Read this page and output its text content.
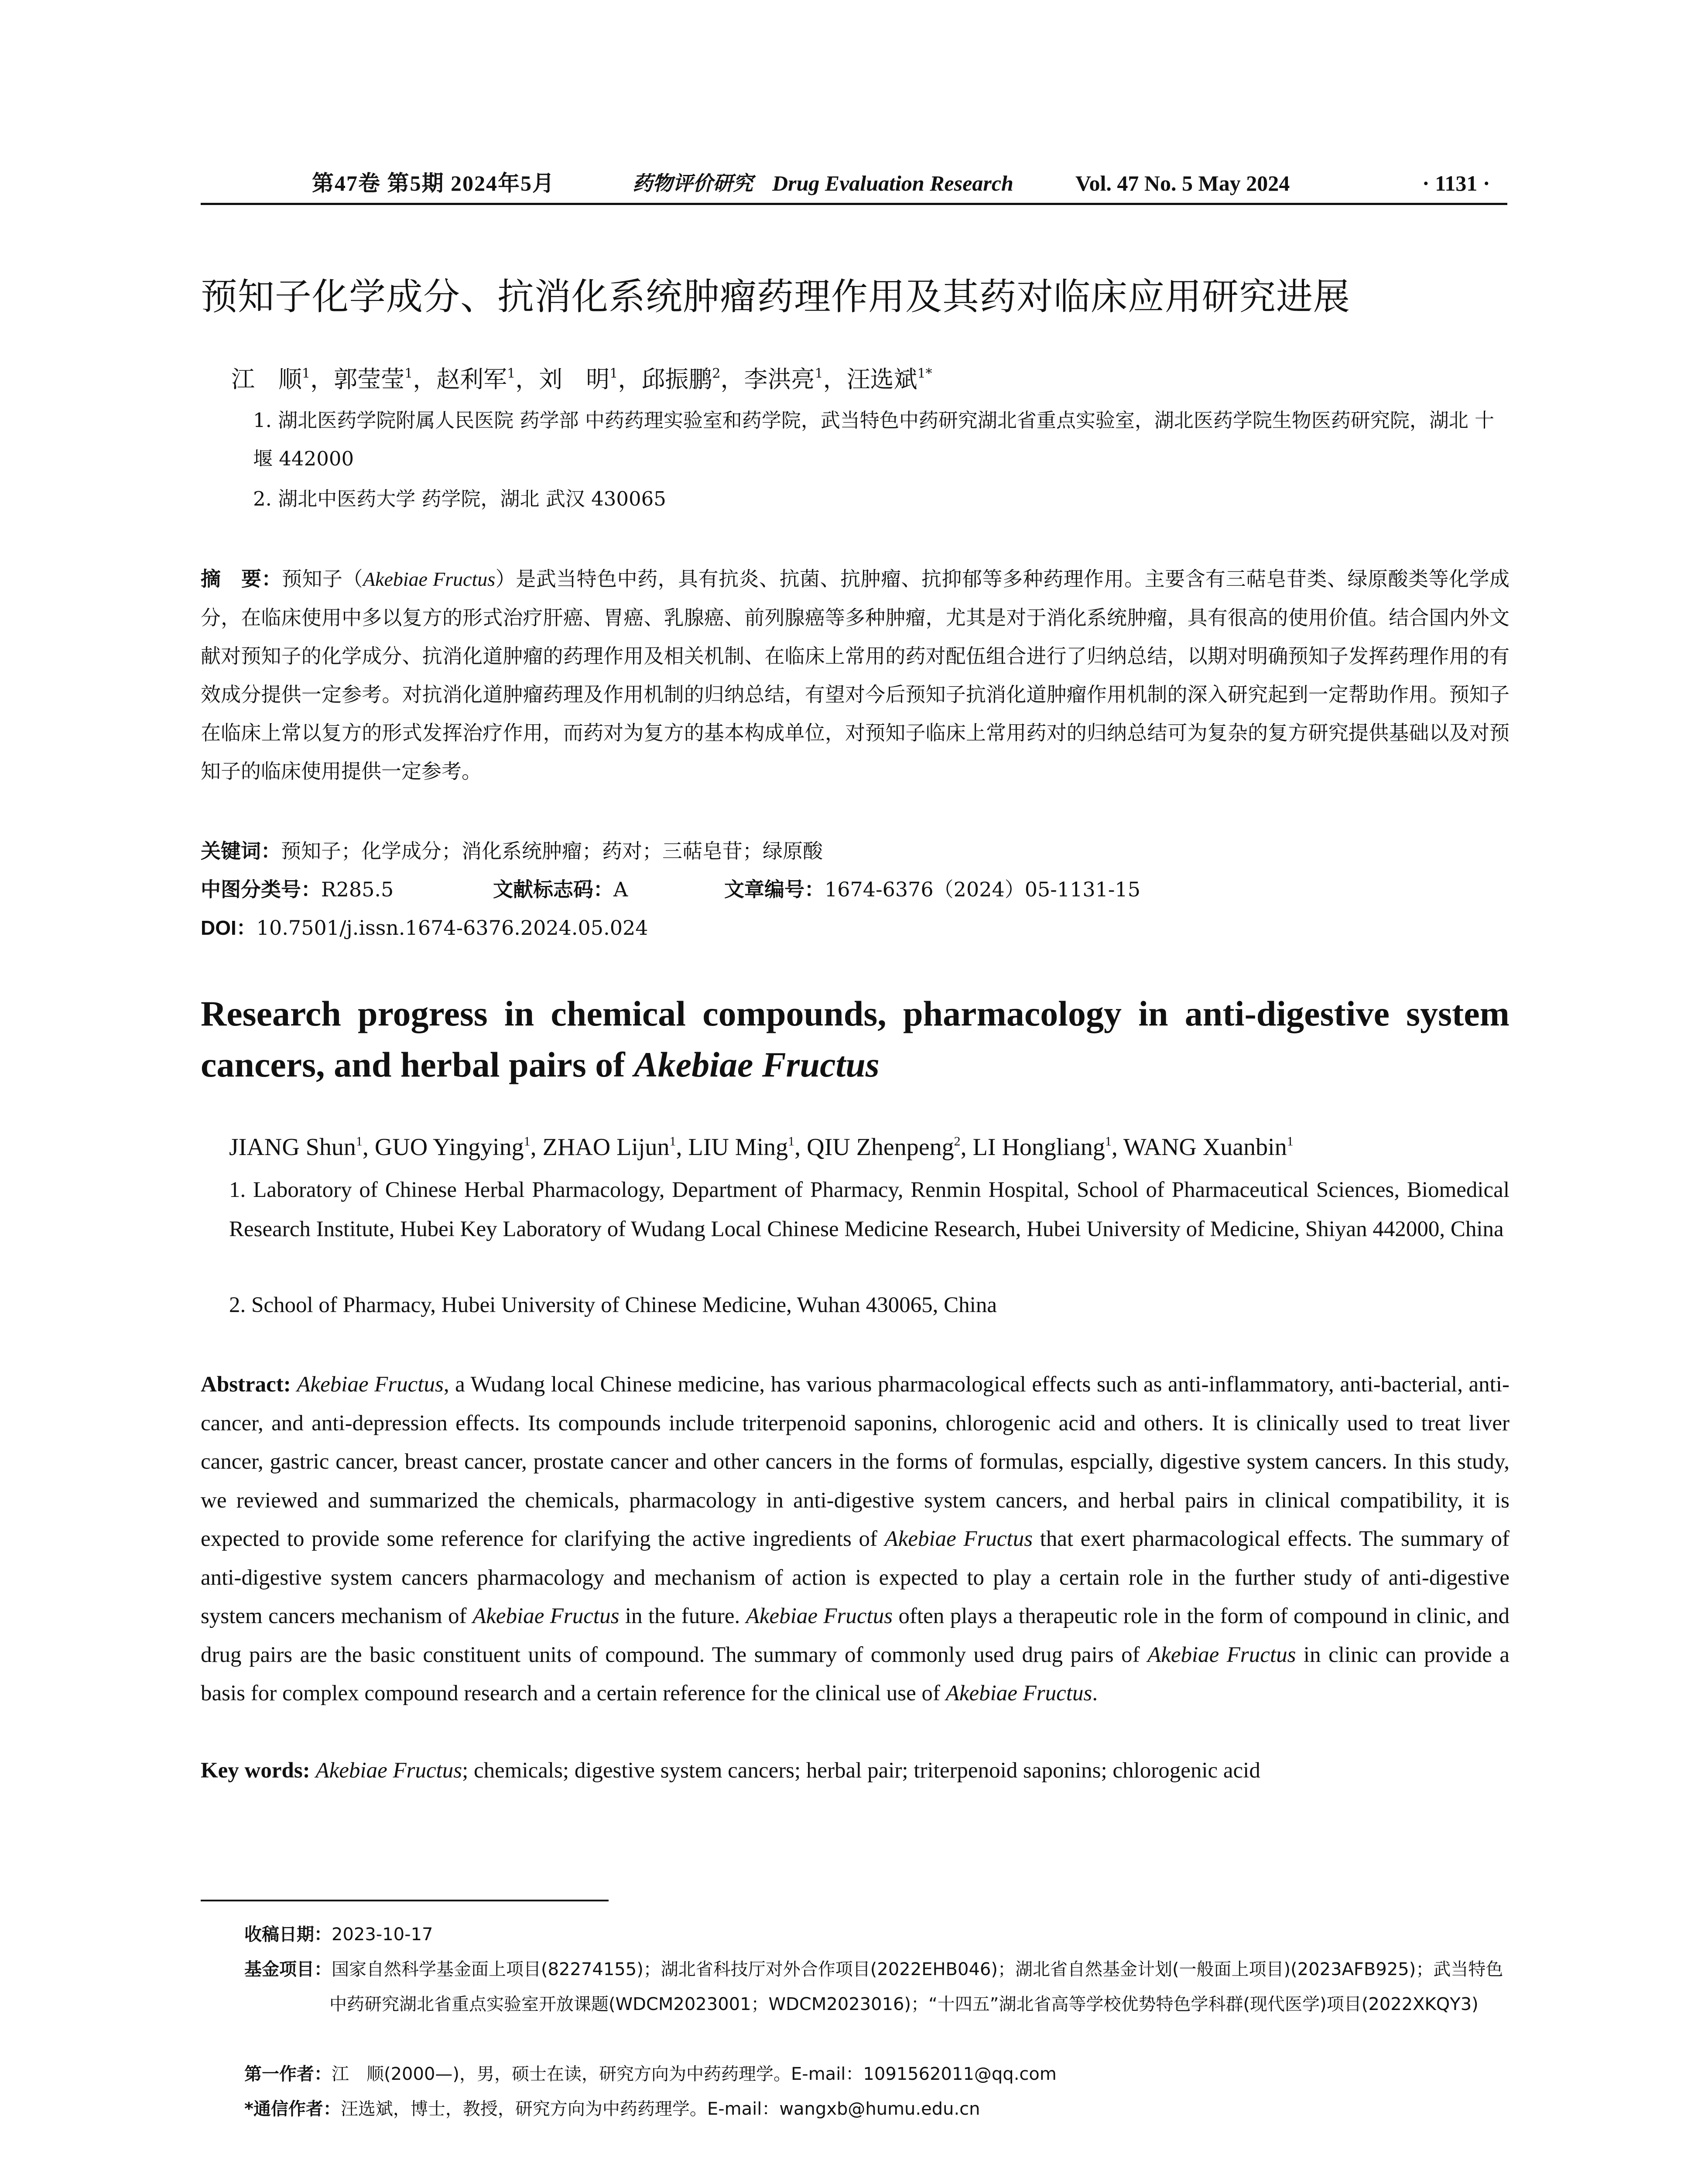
第47卷 第5期 2024年5月	药物评价研究 Drug Evaluation Research	Vol. 47 No. 5 May 2024	· 1131 ·
预知子化学成分、抗消化系统肿瘤药理作用及其药对临床应用研究进展
江　顺$^1$，郭莹莹$^1$，赵利军$^1$，刘　明$^1$，邱振鹏$^2$，李洪亮$^1$，汪选斌$^{1*}$
1. 湖北医药学院附属人民医院 药学部 中药药理实验室和药学院，武当特色中药研究湖北省重点实验室，湖北医药学院生物医药研究院，湖北 十堰 442000
2. 湖北中医药大学 药学院，湖北 武汉 430065
摘　要：预知子（Akebiae Fructus）是武当特色中药，具有抗炎、抗菌、抗肿瘤、抗抑郁等多种药理作用。主要含有三萜皂苷类、绿原酸类等化学成分，在临床使用中多以复方的形式治疗肝癌、胃癌、乳腺癌、前列腺癌等多种肿瘤，尤其是对于消化系统肿瘤，具有很高的使用价值。结合国内外文献对预知子的化学成分、抗消化道肿瘤的药理作用及相关机制、在临床上常用的药对配伍组合进行了归纳总结，以期对明确预知子发挥药理作用的有效成分提供一定参考。对抗消化道肿瘤药理及作用机制的归纳总结，有望对今后预知子抗消化道肿瘤作用机制的深入研究起到一定帮助作用。预知子在临床上常以复方的形式发挥治疗作用，而药对为复方的基本构成单位，对预知子临床上常用药对的归纳总结可为复杂的复方研究提供基础以及对预知子的临床使用提供一定参考。
关键词：预知子；化学成分；消化系统肿瘤；药对；三萜皂苷；绿原酸
中图分类号：R285.5	文献标志码：A	文章编号：1674-6376（2024）05-1131-15
DOI：10.7501/j.issn.1674-6376.2024.05.024
Research progress in chemical compounds, pharmacology in anti-digestive system cancers, and herbal pairs of Akebiae Fructus
JIANG Shun$^1$, GUO Yingying$^1$, ZHAO Lijun$^1$, LIU Ming$^1$, QIU Zhenpeng$^2$, LI Hongliang$^1$, WANG Xuanbin$^1$
1. Laboratory of Chinese Herbal Pharmacology, Department of Pharmacy, Renmin Hospital, School of Pharmaceutical Sciences, Biomedical Research Institute, Hubei Key Laboratory of Wudang Local Chinese Medicine Research, Hubei University of Medicine, Shiyan 442000, China
2. School of Pharmacy, Hubei University of Chinese Medicine, Wuhan 430065, China
Abstract: Akebiae Fructus, a Wudang local Chinese medicine, has various pharmacological effects such as anti-inflammatory, anti-bacterial, anti-cancer, and anti-depression effects. Its compounds include triterpenoid saponins, chlorogenic acid and others. It is clinically used to treat liver cancer, gastric cancer, breast cancer, prostate cancer and other cancers in the forms of formulas, espcially, digestive system cancers. In this study, we reviewed and summarized the chemicals, pharmacology in anti-digestive system cancers, and herbal pairs in clinical compatibility, it is expected to provide some reference for clarifying the active ingredients of Akebiae Fructus that exert pharmacological effects. The summary of anti-digestive system cancers pharmacology and mechanism of action is expected to play a certain role in the further study of anti-digestive system cancers mechanism of Akebiae Fructus in the future. Akebiae Fructus often plays a therapeutic role in the form of compound in clinic, and drug pairs are the basic constituent units of compound. The summary of commonly used drug pairs of Akebiae Fructus in clinic can provide a basis for complex compound research and a certain reference for the clinical use of Akebiae Fructus.
Key words: Akebiae Fructus; chemicals; digestive system cancers; herbal pair; triterpenoid saponins; chlorogenic acid
收稿日期：2023-10-17
基金项目：国家自然科学基金面上项目(82274155)；湖北省科技厅对外合作项目(2022EHB046)；湖北省自然基金计划(一般面上项目)(2023AFB925)；武当特色中药研究湖北省重点实验室开放课题(WDCM2023001；WDCM2023016)；“十四五”湖北省高等学校优势特色学科群(现代医学)项目(2022XKQY3)
第一作者：江　顺(2000—)，男，硕士在读，研究方向为中药药理学。E-mail：1091562011@qq.com
*通信作者：汪选斌，博士，教授，研究方向为中药药理学。E-mail：wangxb@humu.edu.cn
